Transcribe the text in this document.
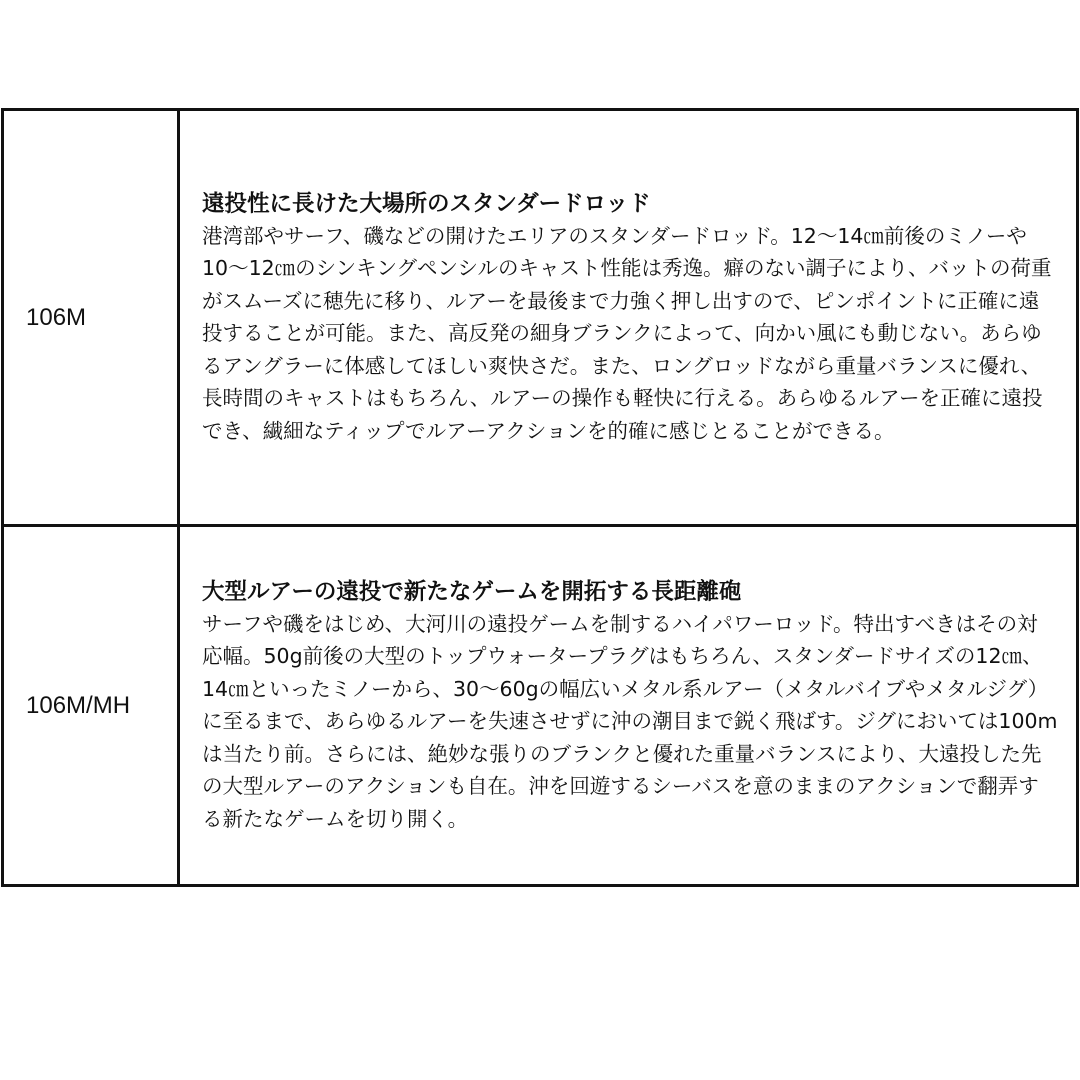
106M	遠投性に長けた大場所のスタンダードロッド

港湾部やサーフ、磯などの開けたエリアのスタンダードロッド。12〜14㎝前後のミノーや10〜12㎝のシンキングペンシルのキャスト性能は秀逸。癖のない調子により、バットの荷重がスムーズに穂先に移り、ルアーを最後まで力強く押し出すので、ピンポイントに正確に遠投することが可能。また、高反発の細身ブランクによって、向かい風にも動じない。あらゆるアングラーに体感してほしい爽快さだ。また、ロングロッドながら重量バランスに優れ、長時間のキャストはもちろん、ルアーの操作も軽快に行える。あらゆるルアーを正確に遠投でき、繊細なティップでルアーアクションを的確に感じとることができる。

106M/MH	大型ルアーの遠投で新たなゲームを開拓する長距離砲

サーフや磯をはじめ、大河川の遠投ゲームを制するハイパワーロッド。特出すべきはその対応幅。50g前後の大型のトップウォータープラグはもちろん、スタンダードサイズの12㎝、14㎝といったミノーから、30〜60gの幅広いメタル系ルアー（メタルバイブやメタルジグ）に至るまで、あらゆるルアーを失速させずに沖の潮目まで鋭く飛ばす。ジグにおいては100mは当たり前。さらには、絶妙な張りのブランクと優れた重量バランスにより、大遠投した先の大型ルアーのアクションも自在。沖を回遊するシーバスを意のままのアクションで翻弄する新たなゲームを切り開く。
